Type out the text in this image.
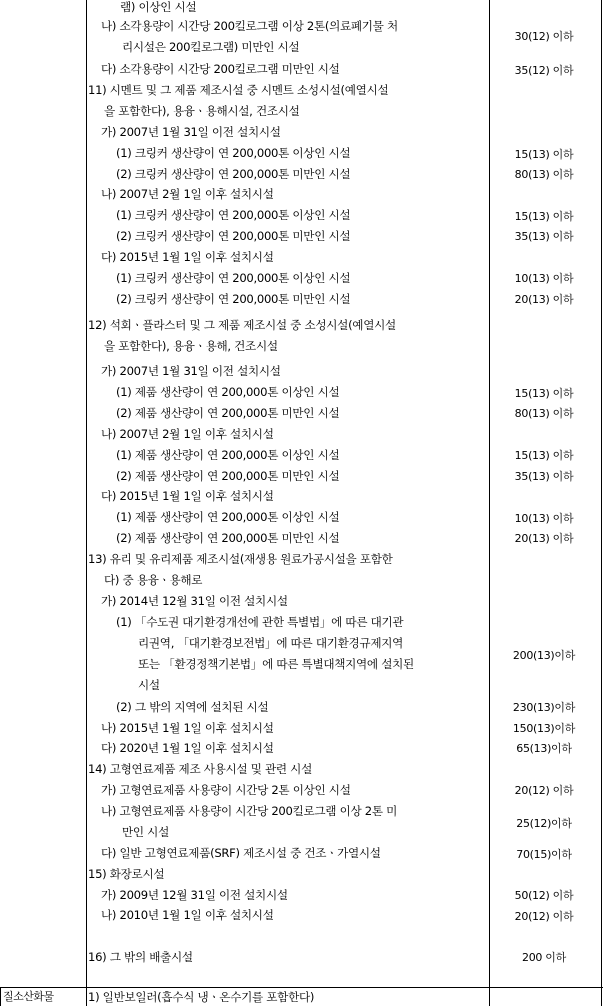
램) 이상인 시설
나) 소각용량이 시간당 200킬로그램 이상 2톤(의료폐기물 처
리시설은 200킬로그램) 미만인 시설
다) 소각용량이 시간당 200킬로그램 미만인 시설
11) 시멘트 및 그 제품 제조시설 중 시멘트 소성시설(예열시설
을 포함한다), 용융ㆍ용해시설, 건조시설
가) 2007년 1월 31일 이전 설치시설
(1) 크링커 생산량이 연 200,000톤 이상인 시설
(2) 크링커 생산량이 연 200,000톤 미만인 시설
나) 2007년 2월 1일 이후 설치시설
(1) 크링커 생산량이 연 200,000톤 이상인 시설
(2) 크링커 생산량이 연 200,000톤 미만인 시설
다) 2015년 1월 1일 이후 설치시설
(1) 크링커 생산량이 연 200,000톤 이상인 시설
(2) 크링커 생산량이 연 200,000톤 미만인 시설
12) 석회ㆍ플라스터 및 그 제품 제조시설 중 소성시설(예열시설
을 포함한다), 용융ㆍ용해, 건조시설
가) 2007년 1월 31일 이전 설치시설
(1) 제품 생산량이 연 200,000톤 이상인 시설
(2) 제품 생산량이 연 200,000톤 미만인 시설
나) 2007년 2월 1일 이후 설치시설
(1) 제품 생산량이 연 200,000톤 이상인 시설
(2) 제품 생산량이 연 200,000톤 미만인 시설
다) 2015년 1월 1일 이후 설치시설
(1) 제품 생산량이 연 200,000톤 이상인 시설
(2) 제품 생산량이 연 200,000톤 미만인 시설
13) 유리 및 유리제품 제조시설(재생용 원료가공시설을 포함한
다) 중 용융ㆍ용해로
가) 2014년 12월 31일 이전 설치시설
(1) 「수도권 대기환경개선에 관한 특별법」에 따른 대기관
리권역, 「대기환경보전법」에 따른 대기환경규제지역
또는 「환경정책기본법」에 따른 특별대책지역에 설치된
시설
(2) 그 밖의 지역에 설치된 시설
나) 2015년 1월 1일 이후 설치시설
다) 2020년 1월 1일 이후 설치시설
14) 고형연료제품 제조 사용시설 및 관련 시설
가) 고형연료제품 사용량이 시간당 2톤 이상인 시설
나) 고형연료제품 사용량이 시간당 200킬로그램 이상 2톤 미
만인 시설
다) 일반 고형연료제품(SRF) 제조시설 중 건조ㆍ가열시설
15) 화장로시설
가) 2009년 12월 31일 이전 설치시설
나) 2010년 1월 1일 이후 설치시설
16) 그 밖의 배출시설
1) 일반보일러(흡수식 냉ㆍ온수기를 포함한다)
질소산화물
30(12) 이하
35(12) 이하
15(13) 이하
80(13) 이하
15(13) 이하
35(13) 이하
10(13) 이하
20(13) 이하
15(13) 이하
80(13) 이하
15(13) 이하
35(13) 이하
10(13) 이하
20(13) 이하
200(13)이하
230(13)이하
150(13)이하
65(13)이하
20(12) 이하
25(12)이하
70(15)이하
50(12) 이하
20(12) 이하
200 이하
